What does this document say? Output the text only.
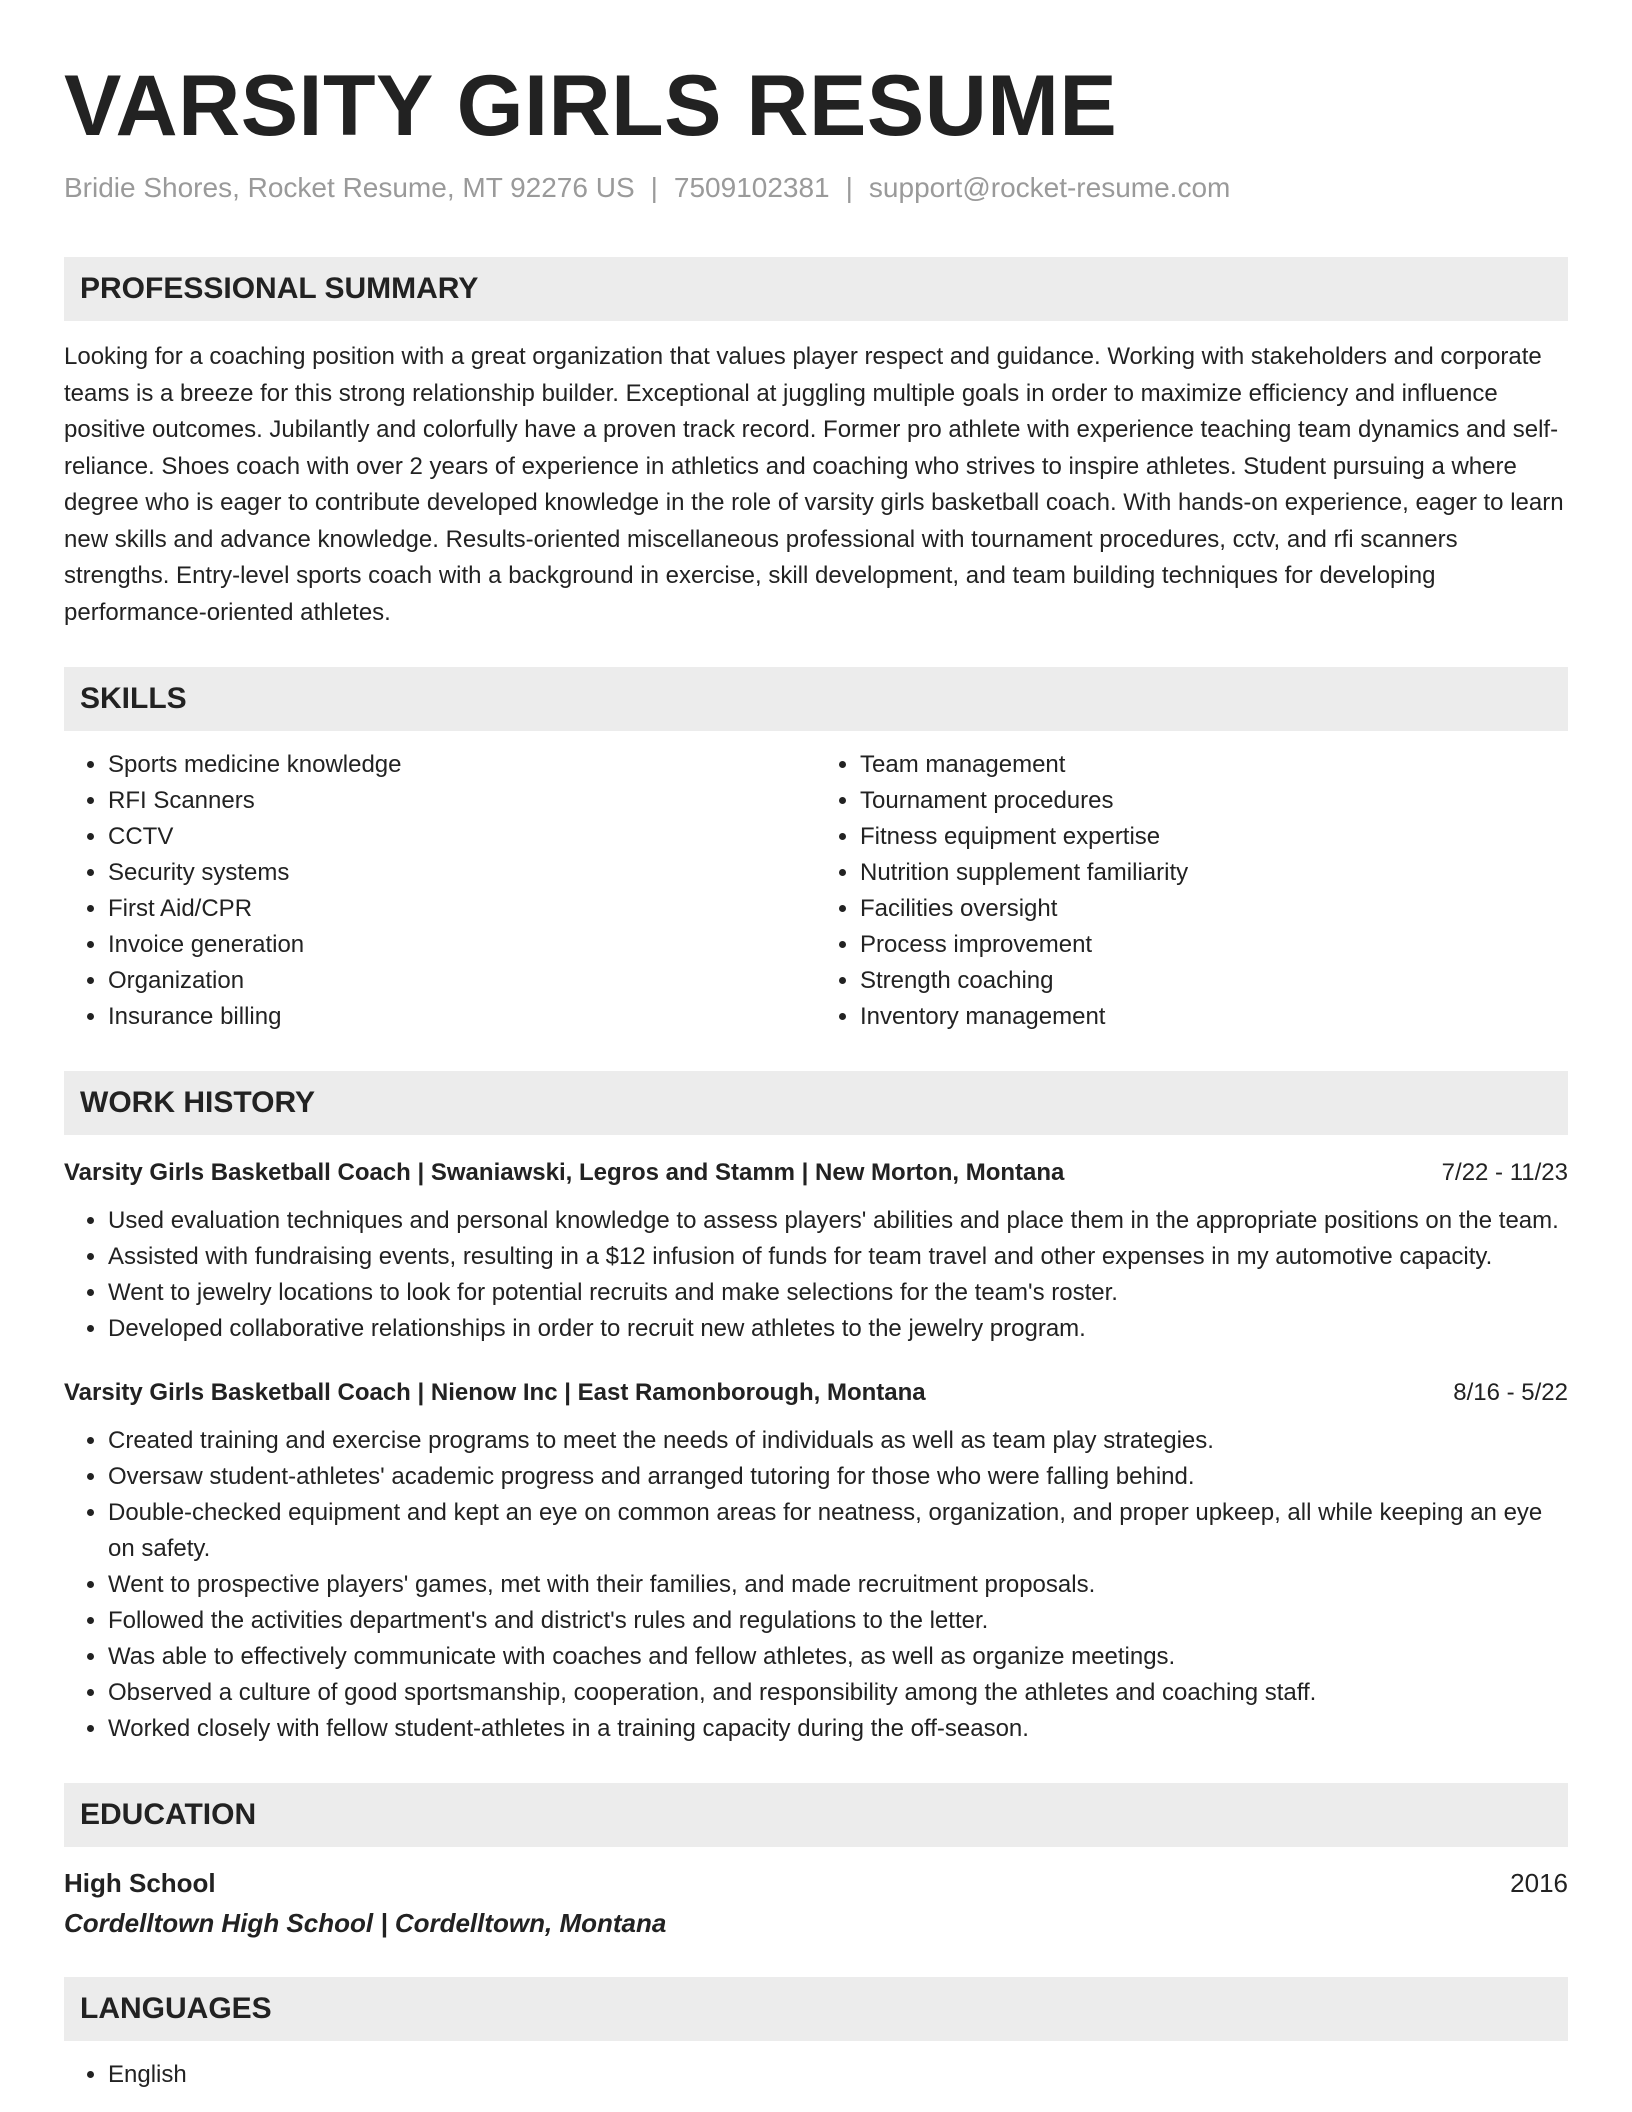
VARSITY GIRLS RESUME
Bridie Shores, Rocket Resume, MT 92276 US | 7509102381 | support@rocket-resume.com
PROFESSIONAL SUMMARY
Looking for a coaching position with a great organization that values player respect and guidance. Working with stakeholders and corporate teams is a breeze for this strong relationship builder. Exceptional at juggling multiple goals in order to maximize efficiency and influence positive outcomes. Jubilantly and colorfully have a proven track record. Former pro athlete with experience teaching team dynamics and self-reliance. Shoes coach with over 2 years of experience in athletics and coaching who strives to inspire athletes. Student pursuing a where degree who is eager to contribute developed knowledge in the role of varsity girls basketball coach. With hands-on experience, eager to learn new skills and advance knowledge. Results-oriented miscellaneous professional with tournament procedures, cctv, and rfi scanners strengths. Entry-level sports coach with a background in exercise, skill development, and team building techniques for developing performance-oriented athletes.
SKILLS
• Sports medicine knowledge
• RFI Scanners
• CCTV
• Security systems
• First Aid/CPR
• Invoice generation
• Organization
• Insurance billing
• Team management
• Tournament procedures
• Fitness equipment expertise
• Nutrition supplement familiarity
• Facilities oversight
• Process improvement
• Strength coaching
• Inventory management
WORK HISTORY
Varsity Girls Basketball Coach | Swaniawski, Legros and Stamm | New Morton, Montana	7/22 - 11/23
• Used evaluation techniques and personal knowledge to assess players' abilities and place them in the appropriate positions on the team.
• Assisted with fundraising events, resulting in a $12 infusion of funds for team travel and other expenses in my automotive capacity.
• Went to jewelry locations to look for potential recruits and make selections for the team's roster.
• Developed collaborative relationships in order to recruit new athletes to the jewelry program.
Varsity Girls Basketball Coach | Nienow Inc | East Ramonborough, Montana	8/16 - 5/22
• Created training and exercise programs to meet the needs of individuals as well as team play strategies.
• Oversaw student-athletes' academic progress and arranged tutoring for those who were falling behind.
• Double-checked equipment and kept an eye on common areas for neatness, organization, and proper upkeep, all while keeping an eye on safety.
• Went to prospective players' games, met with their families, and made recruitment proposals.
• Followed the activities department's and district's rules and regulations to the letter.
• Was able to effectively communicate with coaches and fellow athletes, as well as organize meetings.
• Observed a culture of good sportsmanship, cooperation, and responsibility among the athletes and coaching staff.
• Worked closely with fellow student-athletes in a training capacity during the off-season.
EDUCATION
High School	2016
Cordelltown High School | Cordelltown, Montana
LANGUAGES
• English
